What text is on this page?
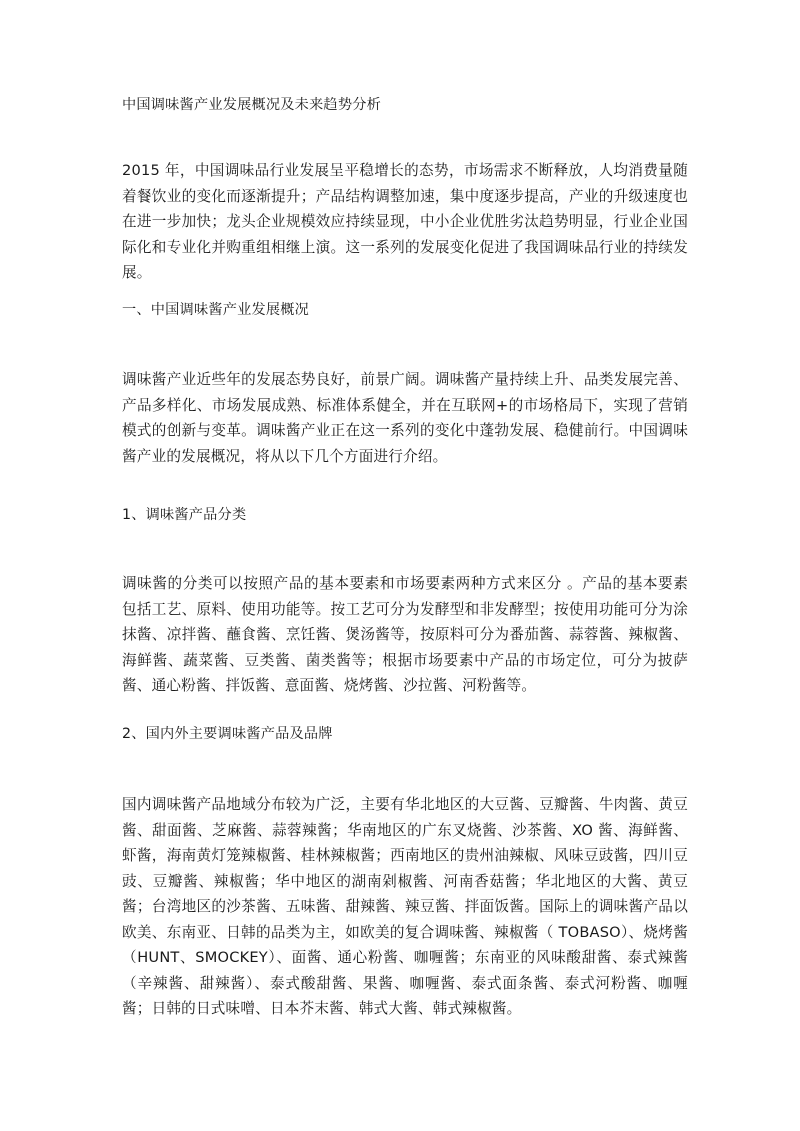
中国调味酱产业发展概况及未来趋势分析

2015 年，中国调味品行业发展呈平稳增长的态势，市场需求不断释放，人均消费量随着餐饮业的变化而逐渐提升；产品结构调整加速，集中度逐步提高，产业的升级速度也在进一步加快；龙头企业规模效应持续显现，中小企业优胜劣汰趋势明显，行业企业国际化和专业化并购重组相继上演。这一系列的发展变化促进了我国调味品行业的持续发展。

一、中国调味酱产业发展概况

调味酱产业近些年的发展态势良好，前景广阔。调味酱产量持续上升、品类发展完善、产品多样化、市场发展成熟、标准体系健全，并在互联网+的市场格局下，实现了营销模式的创新与变革。调味酱产业正在这一系列的变化中蓬勃发展、稳健前行。中国调味酱产业的发展概况，将从以下几个方面进行介绍。

1、调味酱产品分类

调味酱的分类可以按照产品的基本要素和市场要素两种方式来区分 。产品的基本要素包括工艺、原料、使用功能等。按工艺可分为发酵型和非发酵型；按使用功能可分为涂抹酱、凉拌酱、蘸食酱、烹饪酱、煲汤酱等，按原料可分为番茄酱、蒜蓉酱、辣椒酱、海鲜酱、蔬菜酱、豆类酱、菌类酱等；根据市场要素中产品的市场定位，可分为披萨酱、通心粉酱、拌饭酱、意面酱、烧烤酱、沙拉酱、河粉酱等。

2、国内外主要调味酱产品及品牌

国内调味酱产品地域分布较为广泛，主要有华北地区的大豆酱、豆瓣酱、牛肉酱、黄豆酱、甜面酱、芝麻酱、蒜蓉辣酱；华南地区的广东叉烧酱、沙茶酱、XO 酱、海鲜酱、虾酱，海南黄灯笼辣椒酱、桂林辣椒酱；西南地区的贵州油辣椒、风味豆豉酱，四川豆豉、豆瓣酱、辣椒酱；华中地区的湖南剁椒酱、河南香菇酱；华北地区的大酱、黄豆酱；台湾地区的沙茶酱、五味酱、甜辣酱、辣豆酱、拌面饭酱。国际上的调味酱产品以欧美、东南亚、日韩的品类为主，如欧美的复合调味酱、辣椒酱（ TOBASO）、烧烤酱（HUNT、SMOCKEY）、面酱、通心粉酱、咖喱酱；东南亚的风味酸甜酱、泰式辣酱（辛辣酱、甜辣酱）、泰式酸甜酱、果酱、咖喱酱、泰式面条酱、泰式河粉酱、咖喱酱；日韩的日式味噌、日本芥末酱、韩式大酱、韩式辣椒酱。
